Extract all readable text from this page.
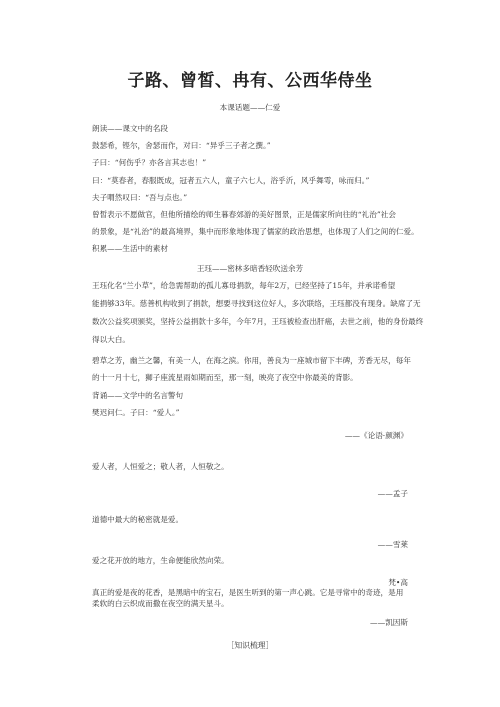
子路、曾皙、冉有、公西华侍坐
本课话题——仁爱
朗读——课文中的名段
鼓瑟希，铿尔，舍瑟而作，对曰：“异乎三子者之撰。”
子曰：“何伤乎？亦各言其志也！”
曰：“莫春者，春服既成，冠者五六人，童子六七人，浴乎沂，风乎舞雩，咏而归。”
夫子喟然叹曰：“吾与点也。”
曾皙表示不愿做官，但他所描绘的师生暮春郊游的美好图景，正是儒家所向往的“礼治”社会
的景象，是“礼治”的最高境界，集中而形象地体现了儒家的政治思想，也体现了人们之间的仁爱。
积累——生活中的素材
王珏——密林多暗香轻吹送余芳
王珏化名“兰小草”，给急需帮助的孤儿寡母捐款，每年2万，已经坚持了15年，并承诺希望
能捐够33年。慈善机构收到了捐款，想要寻找到这位好人，多次联络，王珏都没有现身。缺席了无
数次公益奖项颁奖，坚持公益捐款十多年，今年7月，王珏被检查出肝癌，去世之前，他的身份最终
得以大白。
碧草之芳，幽兰之馨，有美一人，在海之滨。你用，善良为一座城市留下丰碑，芳香无尽，每年
的十一月十七，狮子座流星雨如期而至，那一刻，映亮了夜空中你最美的背影。
背诵——文学中的名言警句
樊迟问仁。子曰：“爱人。”
——《论语·颜渊》
爱人者，人恒爱之；敬人者，人恒敬之。
——孟子
道德中最大的秘密就是爱。
——雪莱
爱之花开放的地方，生命便能欣然向荣。
梵•高
真正的爱是夜的花香，是黑暗中的宝石，是医生听到的第一声心跳。它是寻常中的奇迹，是用
柔软的白云织成而撒在夜空的满天星斗。
——凯因斯
［知识梳理］
